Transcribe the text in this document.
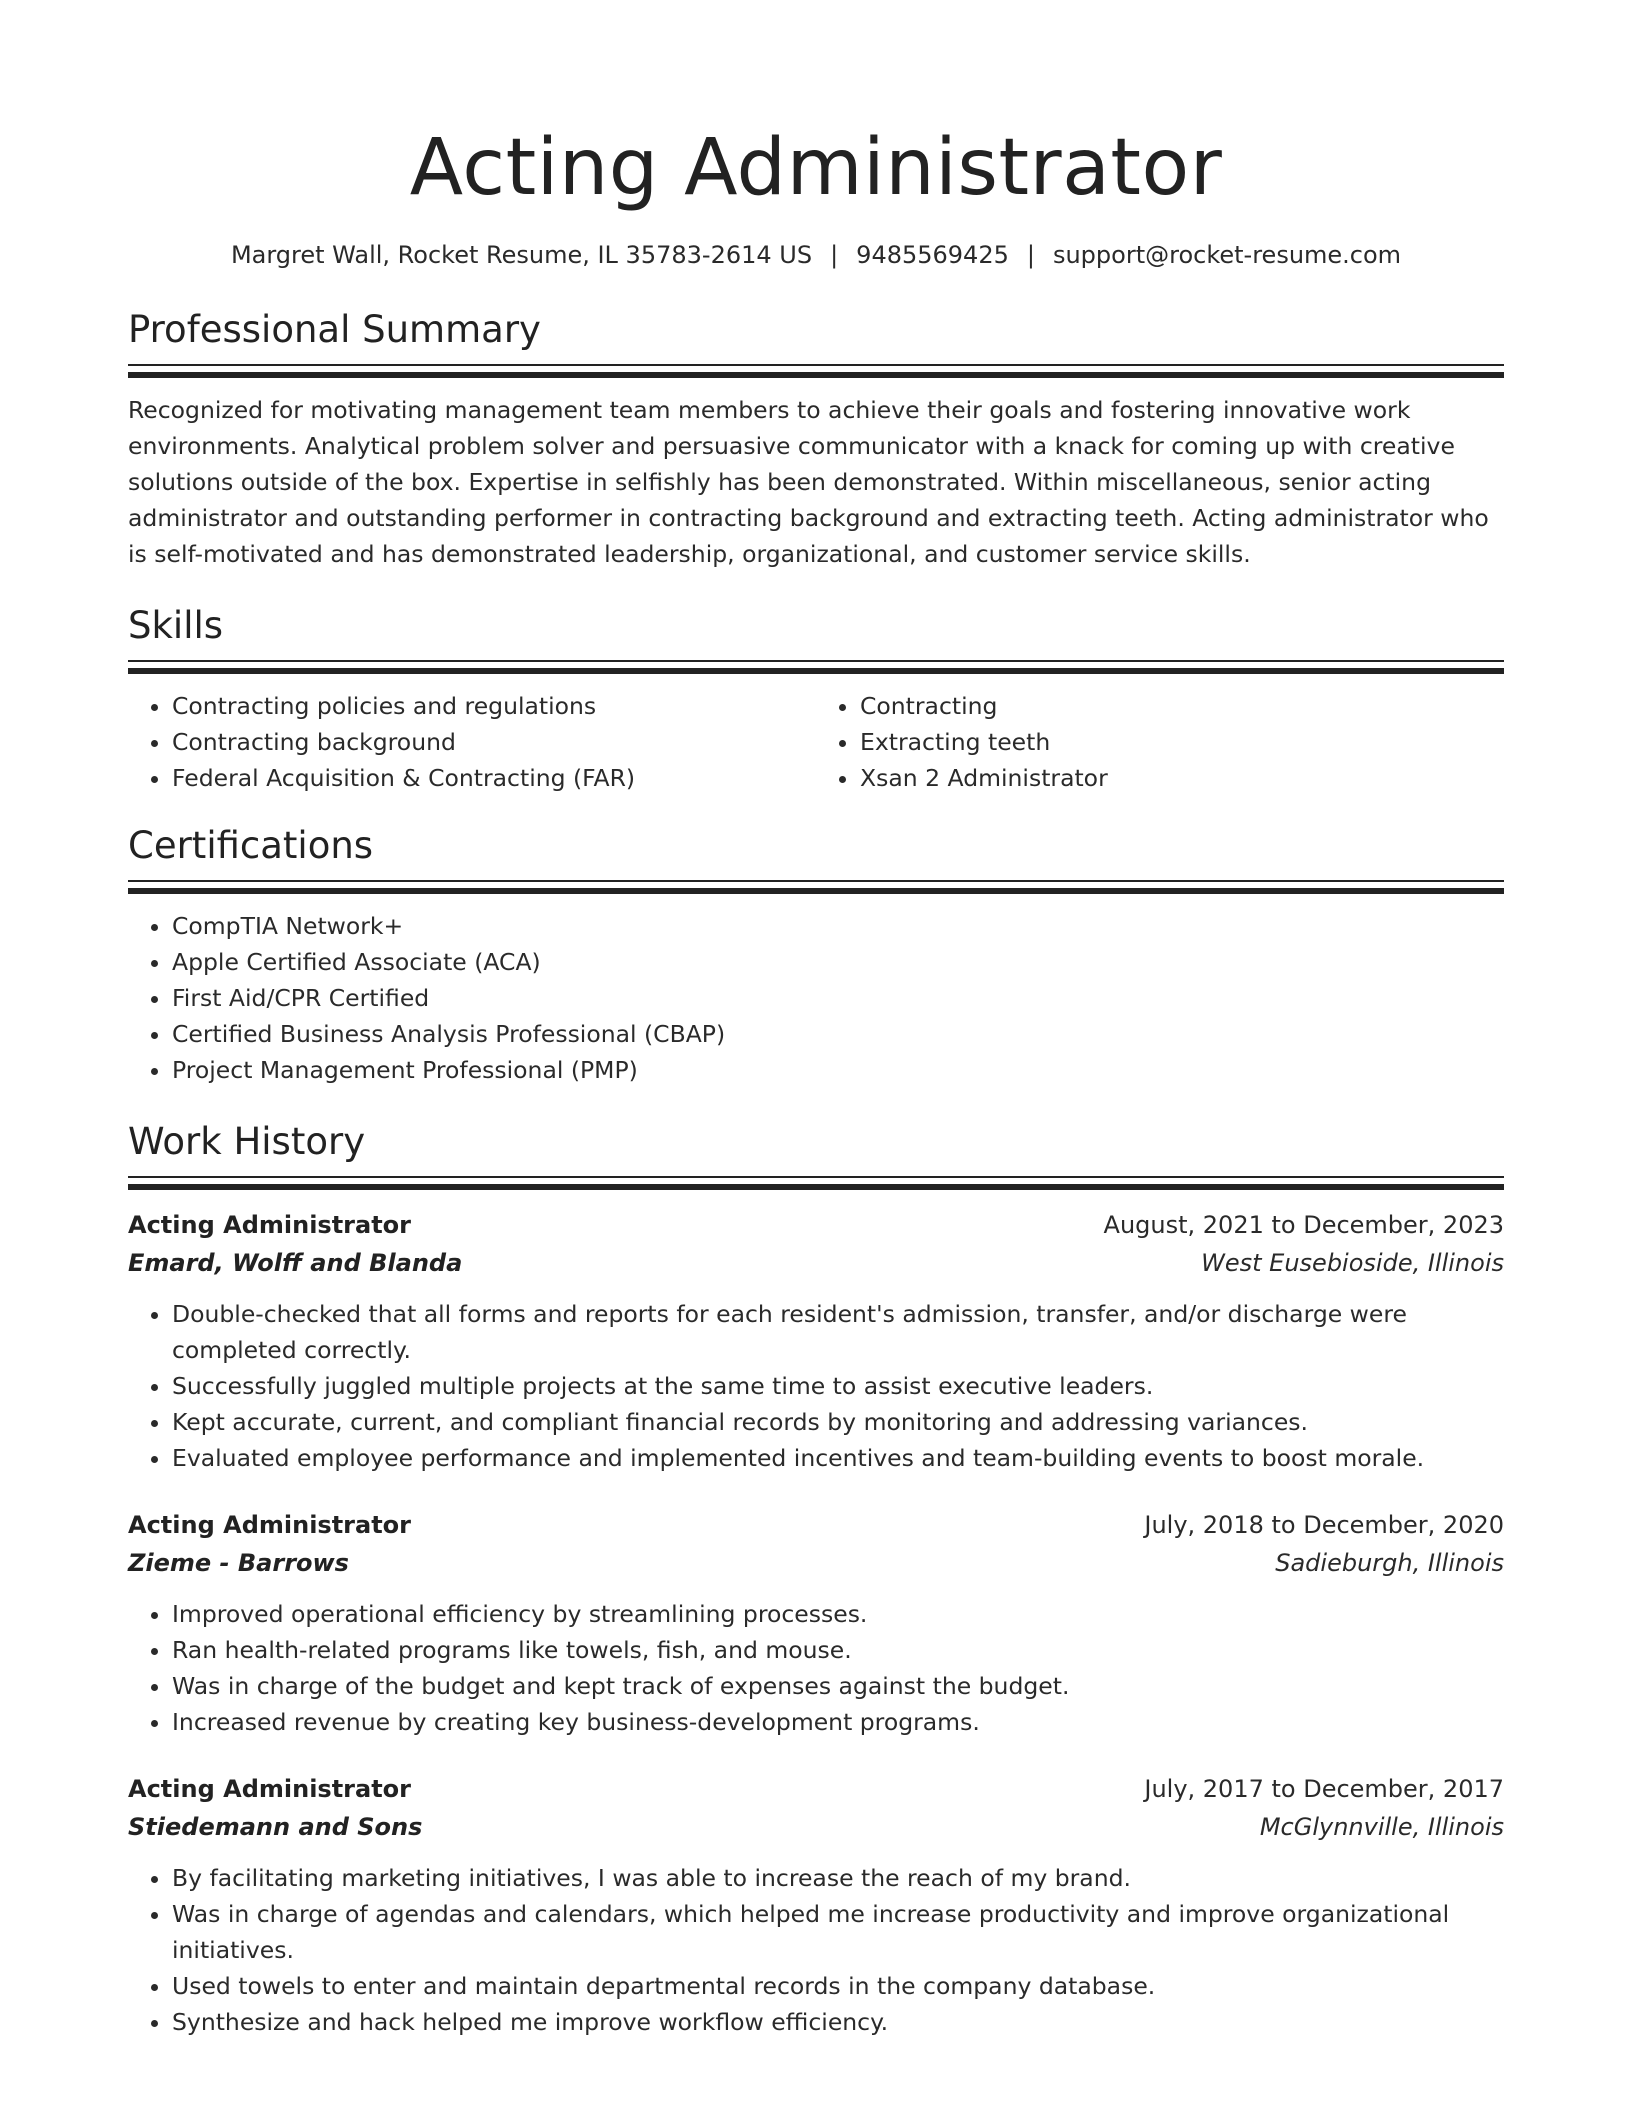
Acting Administrator
Margret Wall, Rocket Resume, IL 35783-2614 US | 9485569425 | support@rocket-resume.com
Professional Summary
Recognized for motivating management team members to achieve their goals and fostering innovative work environments. Analytical problem solver and persuasive communicator with a knack for coming up with creative solutions outside of the box. Expertise in selfishly has been demonstrated. Within miscellaneous, senior acting administrator and outstanding performer in contracting background and extracting teeth. Acting administrator who is self-motivated and has demonstrated leadership, organizational, and customer service skills.
Skills
• Contracting policies and regulations
• Contracting background
• Federal Acquisition & Contracting (FAR)
• Contracting
• Extracting teeth
• Xsan 2 Administrator
Certifications
• CompTIA Network+
• Apple Certified Associate (ACA)
• First Aid/CPR Certified
• Certified Business Analysis Professional (CBAP)
• Project Management Professional (PMP)
Work History
Acting Administrator	August, 2021 to December, 2023
Emard, Wolff and Blanda	West Eusebioside, Illinois
• Double-checked that all forms and reports for each resident's admission, transfer, and/or discharge were completed correctly.
• Successfully juggled multiple projects at the same time to assist executive leaders.
• Kept accurate, current, and compliant financial records by monitoring and addressing variances.
• Evaluated employee performance and implemented incentives and team-building events to boost morale.
Acting Administrator	July, 2018 to December, 2020
Zieme - Barrows	Sadieburgh, Illinois
• Improved operational efficiency by streamlining processes.
• Ran health-related programs like towels, fish, and mouse.
• Was in charge of the budget and kept track of expenses against the budget.
• Increased revenue by creating key business-development programs.
Acting Administrator	July, 2017 to December, 2017
Stiedemann and Sons	McGlynnville, Illinois
• By facilitating marketing initiatives, I was able to increase the reach of my brand.
• Was in charge of agendas and calendars, which helped me increase productivity and improve organizational initiatives.
• Used towels to enter and maintain departmental records in the company database.
• Synthesize and hack helped me improve workflow efficiency.
